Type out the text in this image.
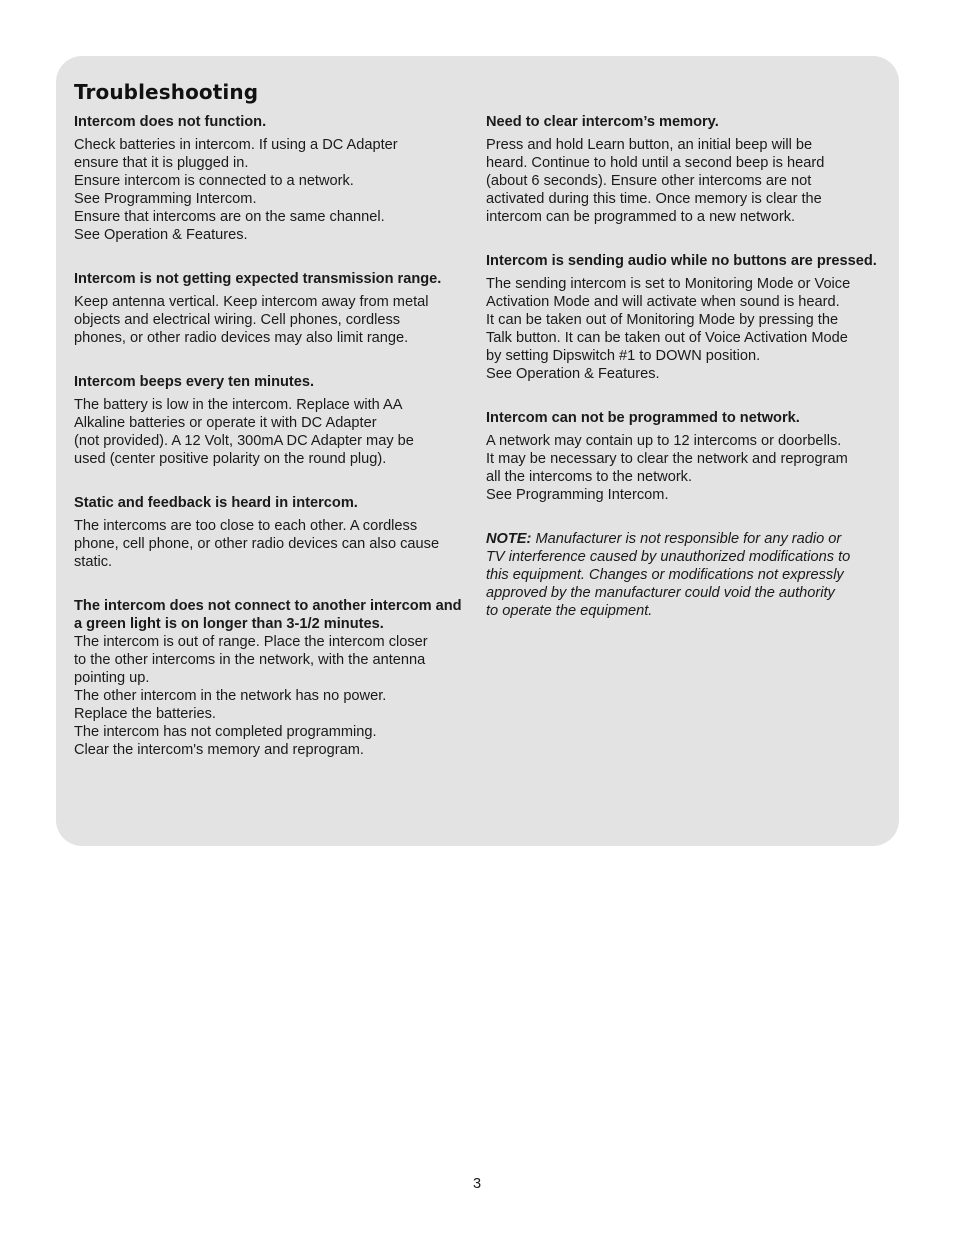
Troubleshooting
Intercom does not function.

Check batteries in intercom. If using a DC Adapter
ensure that it is plugged in.
Ensure intercom is connected to a network.
See Programming Intercom.
Ensure that intercoms are on the same channel.
See Operation & Features.

Intercom is not getting expected transmission range.

Keep antenna vertical. Keep intercom away from metal
objects and electrical wiring. Cell phones, cordless
phones, or other radio devices may also limit range.

Intercom beeps every ten minutes.

The battery is low in the intercom. Replace with AA
Alkaline batteries or operate it with DC Adapter
(not provided). A 12 Volt, 300mA DC Adapter may be
used (center positive polarity on the round plug).

Static and feedback is heard in intercom.

The intercoms are too close to each other. A cordless
phone, cell phone, or other radio devices can also cause
static.

The intercom does not connect to another intercom and a green light is on longer than 3-1/2 minutes.

The intercom is out of range. Place the intercom closer
to the other intercoms in the network, with the antenna
pointing up.
The other intercom in the network has no power.
Replace the batteries.
The intercom has not completed programming.
Clear the intercom's memory and reprogram.

Need to clear intercom’s memory.

Press and hold Learn button, an initial beep will be
heard. Continue to hold until a second beep is heard
(about 6 seconds). Ensure other intercoms are not
activated during this time. Once memory is clear the
intercom can be programmed to a new network.

Intercom is sending audio while no buttons are pressed.

The sending intercom is set to Monitoring Mode or Voice
Activation Mode and will activate when sound is heard.
It can be taken out of Monitoring Mode by pressing the
Talk button. It can be taken out of Voice Activation Mode
by setting Dipswitch #1 to DOWN position.
See Operation & Features.

Intercom can not be programmed to network.

A network may contain up to 12 intercoms or doorbells.
It may be necessary to clear the network and reprogram
all the intercoms to the network.
See Programming Intercom.

NOTE: Manufacturer is not responsible for any radio or
TV interference caused by unauthorized modifications to
this equipment. Changes or modifications not expressly
approved by the manufacturer could void the authority
to operate the equipment.

3
